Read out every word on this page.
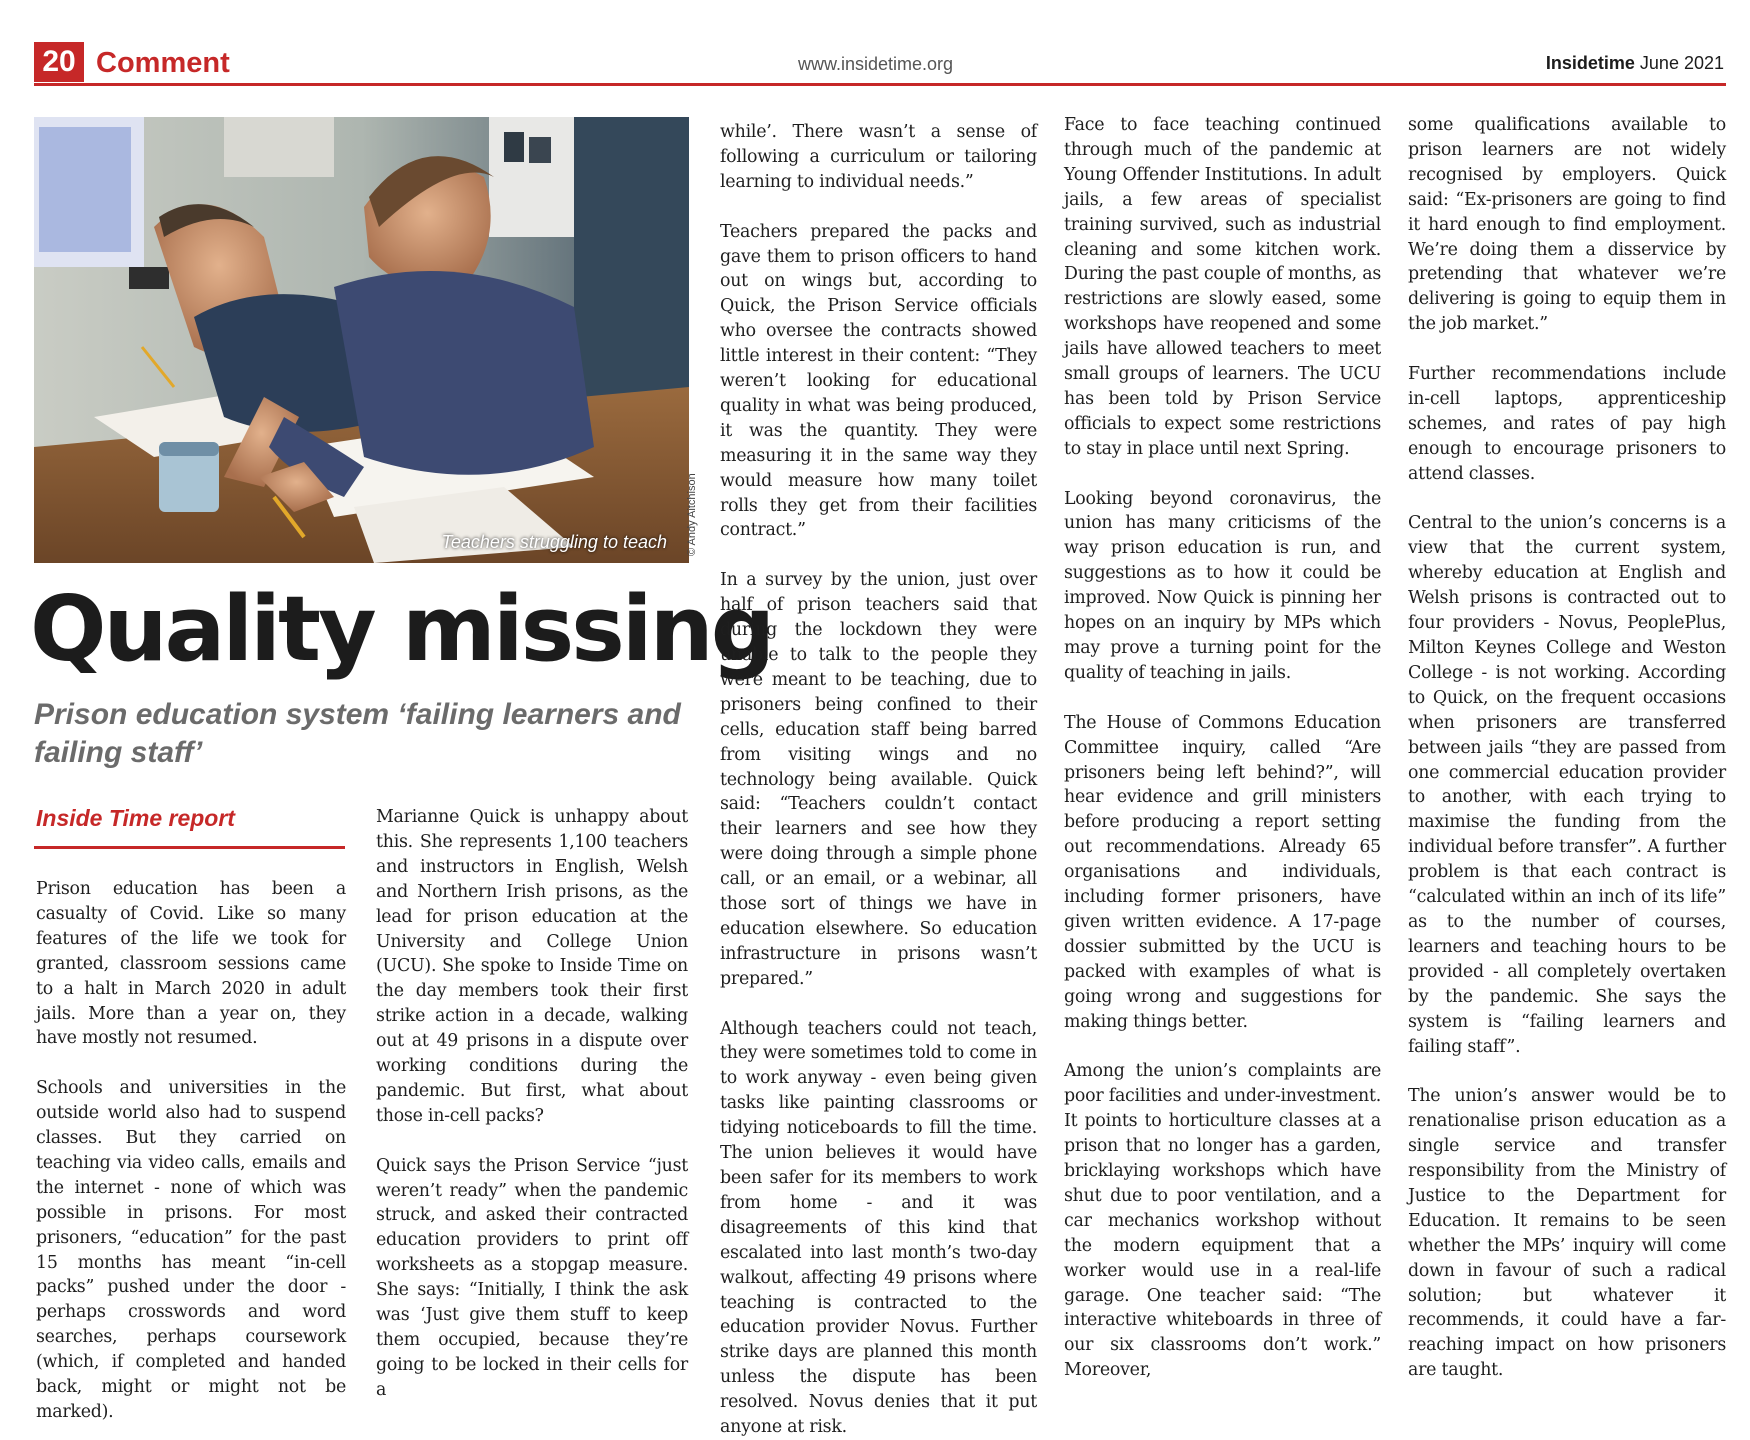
20 Comment	www.insidetime.org	Insidetime June 2021
Teachers struggling to teach © Andy Aitchison
Quality missing
Prison education system ‘failing learners and failing staff’
Inside Time report

Prison education has been a casualty of Covid. Like so many features of the life we took for granted, classroom sessions came to a halt in March 2020 in adult jails. More than a year on, they have mostly not resumed.

Schools and universities in the outside world also had to suspend classes. But they carried on teaching via video calls, emails and the internet - none of which was possible in prisons. For most prisoners, “education” for the past 15 months has meant “in-cell packs” pushed under the door - perhaps crosswords and word searches, perhaps coursework (which, if completed and handed back, might or might not be marked).

Marianne Quick is unhappy about this. She represents 1,100 teachers and instructors in English, Welsh and Northern Irish prisons, as the lead for prison education at the University and College Union (UCU). She spoke to Inside Time on the day members took their first strike action in a decade, walking out at 49 prisons in a dispute over working conditions during the pandemic. But first, what about those in-cell packs?

Quick says the Prison Service “just weren’t ready” when the pandemic struck, and asked their contracted education providers to print off worksheets as a stopgap measure. She says: “Initially, I think the ask was ‘Just give them stuff to keep them occupied, because they’re going to be locked in their cells for a

while’. There wasn’t a sense of following a curriculum or tailoring learning to individual needs.”

Teachers prepared the packs and gave them to prison officers to hand out on wings but, according to Quick, the Prison Service officials who oversee the contracts showed little interest in their content: “They weren’t looking for educational quality in what was being produced, it was the quantity. They were measuring it in the same way they would measure how many toilet rolls they get from their facilities contract.”

In a survey by the union, just over half of prison teachers said that during the lockdown they were unable to talk to the people they were meant to be teaching, due to prisoners being confined to their cells, education staff being barred from visiting wings and no technology being available. Quick said: “Teachers couldn’t contact their learners and see how they were doing through a simple phone call, or an email, or a webinar, all those sort of things we have in education elsewhere. So education infrastructure in prisons wasn’t prepared.”

Although teachers could not teach, they were sometimes told to come in to work anyway - even being given tasks like painting classrooms or tidying noticeboards to fill the time. The union believes it would have been safer for its members to work from home - and it was disagreements of this kind that escalated into last month’s two-day walkout, affecting 49 prisons where teaching is contracted to the education provider Novus. Further strike days are planned this month unless the dispute has been resolved. Novus denies that it put anyone at risk.

Face to face teaching continued through much of the pandemic at Young Offender Institutions. In adult jails, a few areas of specialist training survived, such as industrial cleaning and some kitchen work. During the past couple of months, as restrictions are slowly eased, some workshops have reopened and some jails have allowed teachers to meet small groups of learners. The UCU has been told by Prison Service officials to expect some restrictions to stay in place until next Spring.

Looking beyond coronavirus, the union has many criticisms of the way prison education is run, and suggestions as to how it could be improved. Now Quick is pinning her hopes on an inquiry by MPs which may prove a turning point for the quality of teaching in jails.

The House of Commons Education Committee inquiry, called “Are prisoners being left behind?”, will hear evidence and grill ministers before producing a report setting out recommendations. Already 65 organisations and individuals, including former prisoners, have given written evidence. A 17-page dossier submitted by the UCU is packed with examples of what is going wrong and suggestions for making things better.

Among the union’s complaints are poor facilities and under-investment. It points to horticulture classes at a prison that no longer has a garden, bricklaying workshops which have shut due to poor ventilation, and a car mechanics workshop without the modern equipment that a worker would use in a real-life garage. One teacher said: “The interactive whiteboards in three of our six classrooms don’t work.” Moreover,

some qualifications available to prison learners are not widely recognised by employers. Quick said: “Ex-prisoners are going to find it hard enough to find employment. We’re doing them a disservice by pretending that whatever we’re delivering is going to equip them in the job market.”

Further recommendations include in-cell laptops, apprenticeship schemes, and rates of pay high enough to encourage prisoners to attend classes.

Central to the union’s concerns is a view that the current system, whereby education at English and Welsh prisons is contracted out to four providers - Novus, PeoplePlus, Milton Keynes College and Weston College - is not working. According to Quick, on the frequent occasions when prisoners are transferred between jails “they are passed from one commercial education provider to another, with each trying to maximise the funding from the individual before transfer”. A further problem is that each contract is “calculated within an inch of its life” as to the number of courses, learners and teaching hours to be provided - all completely overtaken by the pandemic. She says the system is “failing learners and failing staff”.

The union’s answer would be to renationalise prison education as a single service and transfer responsibility from the Ministry of Justice to the Department for Education. It remains to be seen whether the MPs’ inquiry will come down in favour of such a radical solution; but whatever it recommends, it could have a far-reaching impact on how prisoners are taught.
